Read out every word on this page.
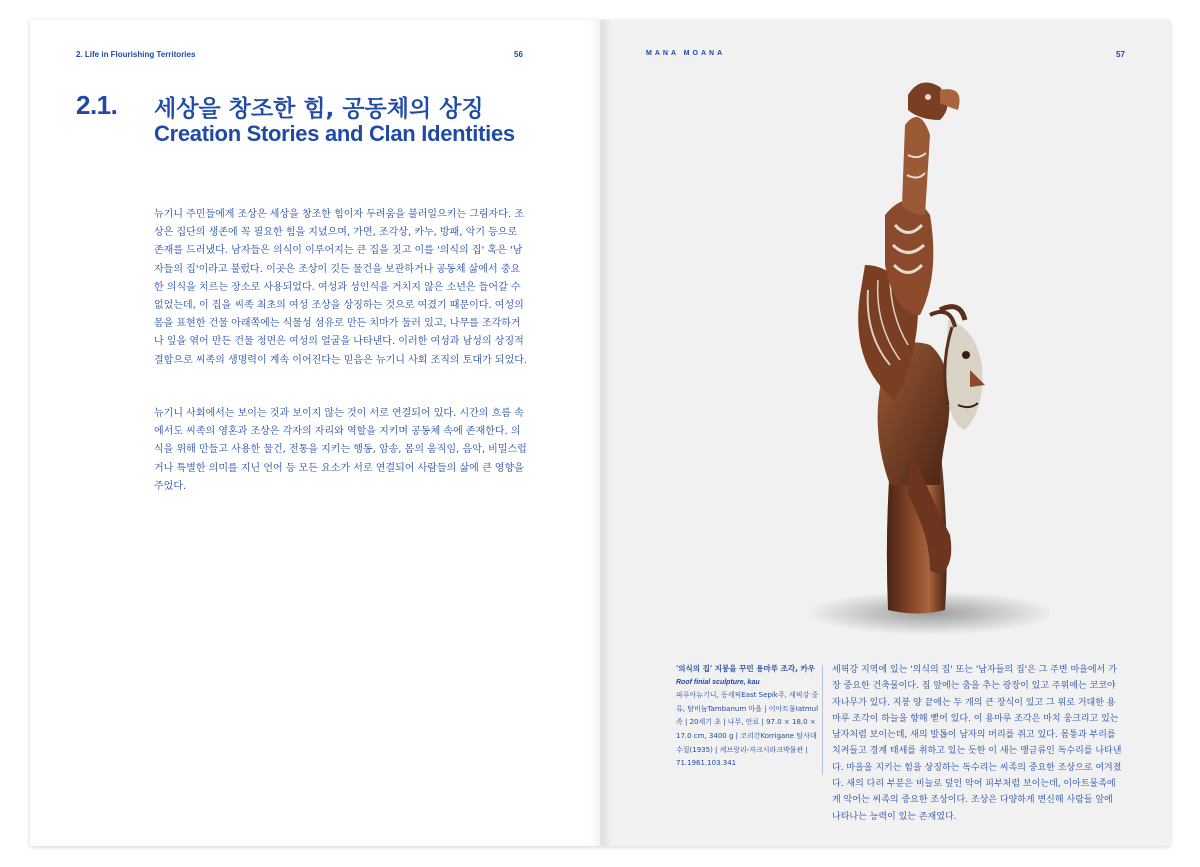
2. Life in Flourishing Territories	56
2.1. 세상을 창조한 힘, 공동체의 상징
Creation Stories and Clan Identities

뉴기니 주민들에게 조상은 세상을 창조한 힘이자 두려움을 불러일으키는 그림자다. 조상은 집단의 생존에 꼭 필요한 힘을 지녔으며, 가면, 조각상, 카누, 방패, 악기 등으로 존재를 드러냈다. 남자들은 의식이 이루어지는 큰 집을 짓고 이를 '의식의 집' 혹은 '남자들의 집'이라고 불렀다. 이곳은 조상이 깃든 물건을 보관하거나 공동체 삶에서 중요한 의식을 치르는 장소로 사용되었다. 여성과 성인식을 거치지 않은 소년은 들어갈 수 없었는데, 이 집을 씨족 최초의 여성 조상을 상징하는 것으로 여겼기 때문이다. 여성의 몸을 표현한 건물 아래쪽에는 식물성 섬유로 만든 치마가 둘러 있고, 나무를 조각하거나 잎을 엮어 만든 건물 정면은 여성의 얼굴을 나타낸다. 이러한 여성과 남성의 상징적 결합으로 씨족의 생명력이 계속 이어진다는 믿음은 뉴기니 사회 조직의 토대가 되었다.

뉴기니 사회에서는 보이는 것과 보이지 않는 것이 서로 연결되어 있다. 시간의 흐름 속에서도 씨족의 영혼과 조상은 각자의 자리와 역할을 지키며 공동체 속에 존재한다. 의식을 위해 만들고 사용한 물건, 전통을 지키는 행동, 암송, 몸의 움직임, 음악, 비밀스럽거나 특별한 의미를 지닌 언어 등 모든 요소가 서로 연결되어 사람들의 삶에 큰 영향을 주었다.

MANA MOANA	57
'의식의 집' 지붕을 꾸민 용마루 조각, 카우
Roof finial sculpture, kau
파푸아뉴기니, 동세픽East Sepik주, 세픽강 중류, 탐비눔Tambanum 마을 | 이아트물Iatmul족 | 20세기 초 | 나무, 안료 | 97.0 × 18.0 × 17.0 cm, 3400 g | 코리간Korrigane 탐사대 수집(1935) | 케브랑리-자크시라크박물관 | 71.1961.103.341

세픽강 지역에 있는 '의식의 집' 또는 '남자들의 집'은 그 주변 마을에서 가장 중요한 건축물이다. 집 앞에는 춤을 추는 광장이 있고 주위에는 코코야자나무가 있다. 지붕 양 끝에는 두 개의 큰 장식이 있고 그 위로 거대한 용마루 조각이 하늘을 향해 뻗어 있다. 이 용마루 조각은 마치 웅크리고 있는 남자처럼 보이는데, 새의 발톱이 남자의 머리를 쥐고 있다. 몸통과 부리를 치켜들고 경계 태세를 취하고 있는 듯한 이 새는 맹금류인 독수리를 나타낸다. 마을을 지키는 힘을 상징하는 독수리는 씨족의 중요한 조상으로 여겨졌다. 새의 다리 부분은 비늘로 덮인 악어 피부처럼 보이는데, 이아트물족에게 악어는 씨족의 중요한 조상이다. 조상은 다양하게 변신해 사람들 앞에 나타나는 능력이 있는 존재였다.
